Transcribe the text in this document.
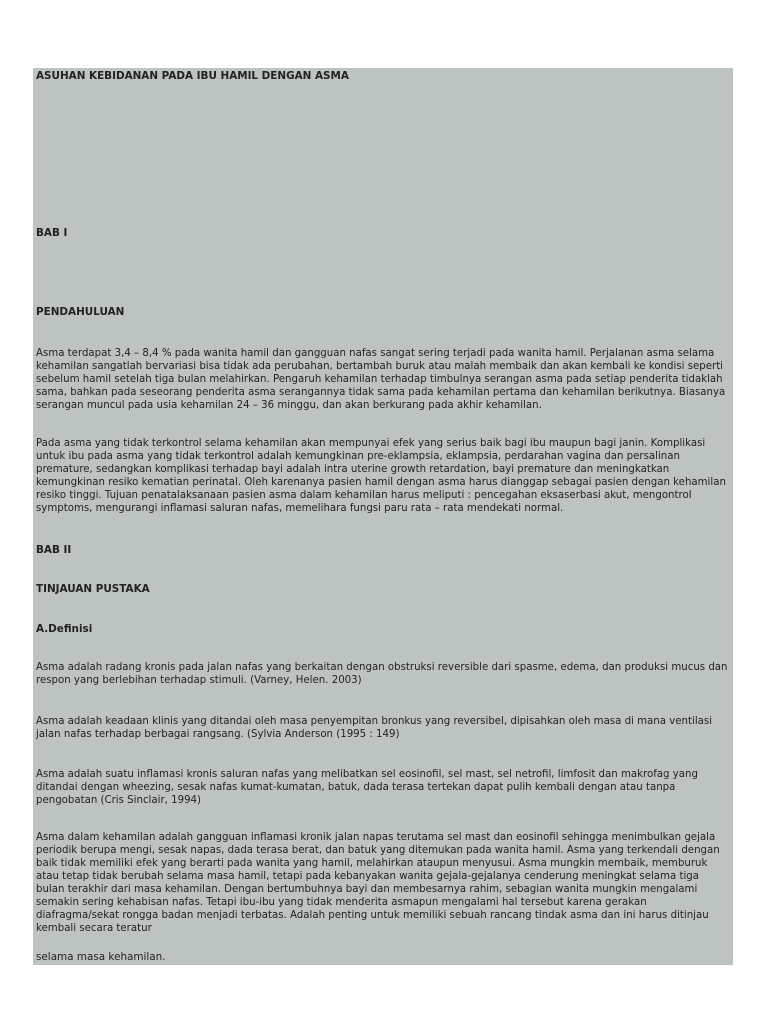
ASUHAN KEBIDANAN PADA IBU HAMIL DENGAN ASMA
BAB I
PENDAHULUAN

Asma terdapat 3,4 – 8,4 % pada wanita hamil dan gangguan nafas sangat sering terjadi pada wanita hamil. Perjalanan asma selama kehamilan sangatlah bervariasi bisa tidak ada perubahan, bertambah buruk atau malah membaik dan akan kembali ke kondisi seperti sebelum hamil setelah tiga bulan melahirkan. Pengaruh kehamilan terhadap timbulnya serangan asma pada setiap penderita tidaklah sama, bahkan pada seseorang penderita asma serangannya tidak sama pada kehamilan pertama dan kehamilan berikutnya. Biasanya serangan muncul pada usia kehamilan 24 – 36 minggu, dan akan berkurang pada akhir kehamilan.

Pada asma yang tidak terkontrol selama kehamilan akan mempunyai efek yang serius baik bagi ibu maupun bagi janin. Komplikasi untuk ibu pada asma yang tidak terkontrol adalah kemungkinan pre-eklampsia, eklampsia, perdarahan vagina dan persalinan premature, sedangkan komplikasi terhadap bayi adalah intra uterine growth retardation, bayi premature dan meningkatkan kemungkinan resiko kematian perinatal. Oleh karenanya pasien hamil dengan asma harus dianggap sebagai pasien dengan kehamilan resiko tinggi. Tujuan penatalaksanaan pasien asma dalam kehamilan harus meliputi : pencegahan eksaserbasi akut, mengontrol symptoms, mengurangi inflamasi saluran nafas, memelihara fungsi paru rata – rata mendekati normal.

BAB II
TINJAUAN PUSTAKA
A.Definisi

Asma adalah radang kronis pada jalan nafas yang berkaitan dengan obstruksi reversible dari spasme, edema, dan produksi mucus dan respon yang berlebihan terhadap stimuli. (Varney, Helen. 2003)

Asma adalah keadaan klinis yang ditandai oleh masa penyempitan bronkus yang reversibel, dipisahkan oleh masa di mana ventilasi jalan nafas terhadap berbagai rangsang. (Sylvia Anderson (1995 : 149)

Asma adalah suatu inflamasi kronis saluran nafas yang melibatkan sel eosinofil, sel mast, sel netrofil, limfosit dan makrofag yang ditandai dengan wheezing, sesak nafas kumat-kumatan, batuk, dada terasa tertekan dapat pulih kembali dengan atau tanpa pengobatan (Cris Sinclair, 1994)

Asma dalam kehamilan adalah gangguan inflamasi kronik jalan napas terutama sel mast dan eosinofil sehingga menimbulkan gejala periodik berupa mengi, sesak napas, dada terasa berat, dan batuk yang ditemukan pada wanita hamil. Asma yang terkendali dengan baik tidak memiliki efek yang berarti pada wanita yang hamil, melahirkan ataupun menyusui. Asma mungkin membaik, memburuk atau tetap tidak berubah selama masa hamil, tetapi pada kebanyakan wanita gejala-gejalanya cenderung meningkat selama tiga bulan terakhir dari masa kehamilan. Dengan bertumbuhnya bayi dan membesarnya rahim, sebagian wanita mungkin mengalami semakin sering kehabisan nafas. Tetapi ibu-ibu yang tidak menderita asmapun mengalami hal tersebut karena gerakan diafragma/sekat rongga badan menjadi terbatas. Adalah penting untuk memiliki sebuah rancang tindak asma dan ini harus ditinjau kembali secara teratur

selama masa kehamilan.
